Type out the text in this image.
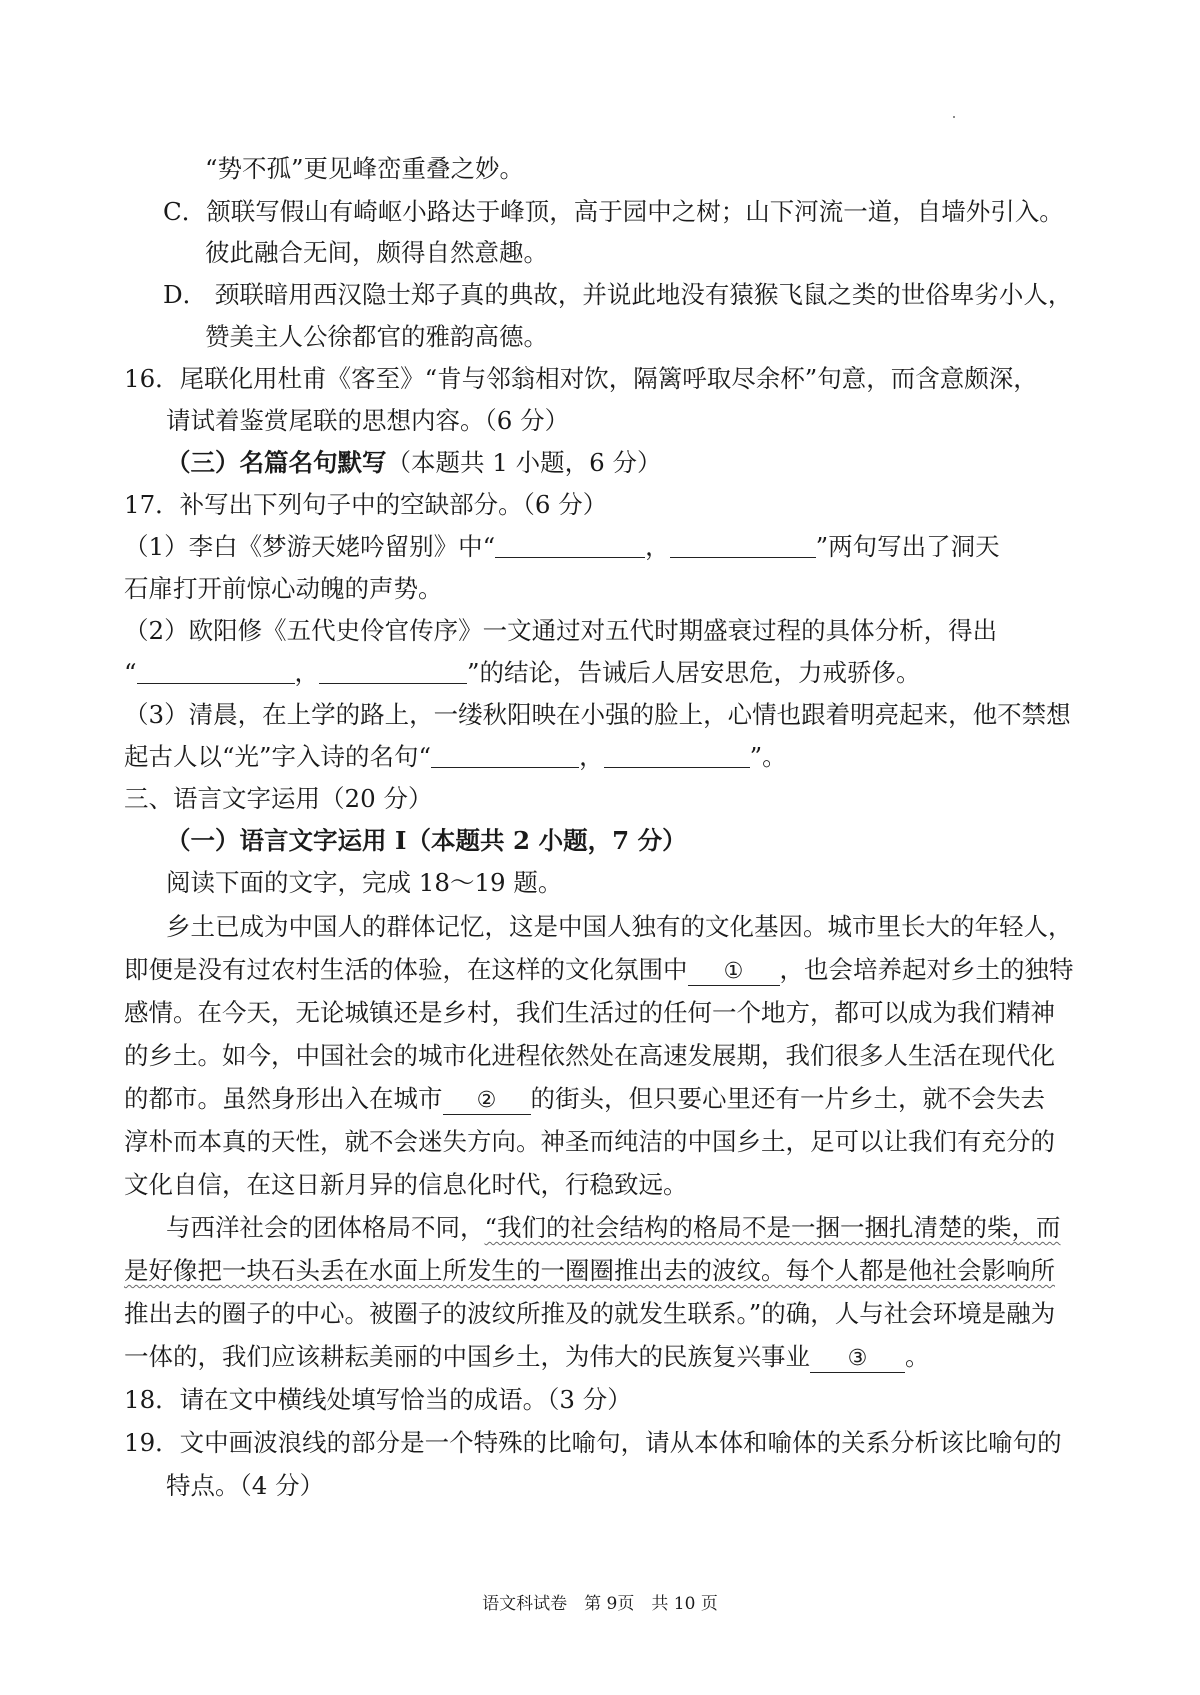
“势不孤”更见峰峦重叠之妙。
C．颔联写假山有崎岖小路达于峰顶，高于园中之树；山下河流一道，自墙外引入。
彼此融合无间，颇得自然意趣。
D． 颈联暗用西汉隐士郑子真的典故，并说此地没有猿猴飞鼠之类的世俗卑劣小人，
赞美主人公徐都官的雅韵高德。
16．尾联化用杜甫《客至》“肯与邻翁相对饮，隔篱呼取尽余杯”句意，而含意颇深，
请试着鉴赏尾联的思想内容。（6 分）
（三）名篇名句默写（本题共 1 小题，6 分）
17．补写出下列句子中的空缺部分。（6 分）
（1）李白《梦游天姥吟留别》中“	，	”两句写出了洞天
石扉打开前惊心动魄的声势。
（2）欧阳修《五代史伶官传序》一文通过对五代时期盛衰过程的具体分析，得出
“	，	”的结论，告诫后人居安思危，力戒骄侈。
（3）清晨，在上学的路上，一缕秋阳映在小强的脸上，心情也跟着明亮起来，他不禁想
起古人以“光”字入诗的名句“	，	”。
三、语言文字运用（20 分）
（一）语言文字运用 I（本题共 2 小题，7 分）
阅读下面的文字，完成 18～19 题。
乡土已成为中国人的群体记忆，这是中国人独有的文化基因。城市里长大的年轻人，
即便是没有过农村生活的体验，在这样的文化氛围中 ① ，也会培养起对乡土的独特
感情。在今天，无论城镇还是乡村，我们生活过的任何一个地方，都可以成为我们精神
的乡土。如今，中国社会的城市化进程依然处在高速发展期，我们很多人生活在现代化
的都市。虽然身形出入在城市 ② 的街头，但只要心里还有一片乡土，就不会失去
淳朴而本真的天性，就不会迷失方向。神圣而纯洁的中国乡土，足可以让我们有充分的
文化自信，在这日新月异的信息化时代，行稳致远。
与西洋社会的团体格局不同，“我们的社会结构的格局不是一捆一捆扎清楚的柴，而
是好像把一块石头丢在水面上所发生的一圈圈推出去的波纹。每个人都是他社会影响所
推出去的圈子的中心。被圈子的波纹所推及的就发生联系。”的确，人与社会环境是融为
一体的，我们应该耕耘美丽的中国乡土，为伟大的民族复兴事业 ③ 。
18．请在文中横线处填写恰当的成语。（3 分）
19．文中画波浪线的部分是一个特殊的比喻句，请从本体和喻体的关系分析该比喻句的
特点。（4 分）
语文科试卷　第 9页　共 10 页
